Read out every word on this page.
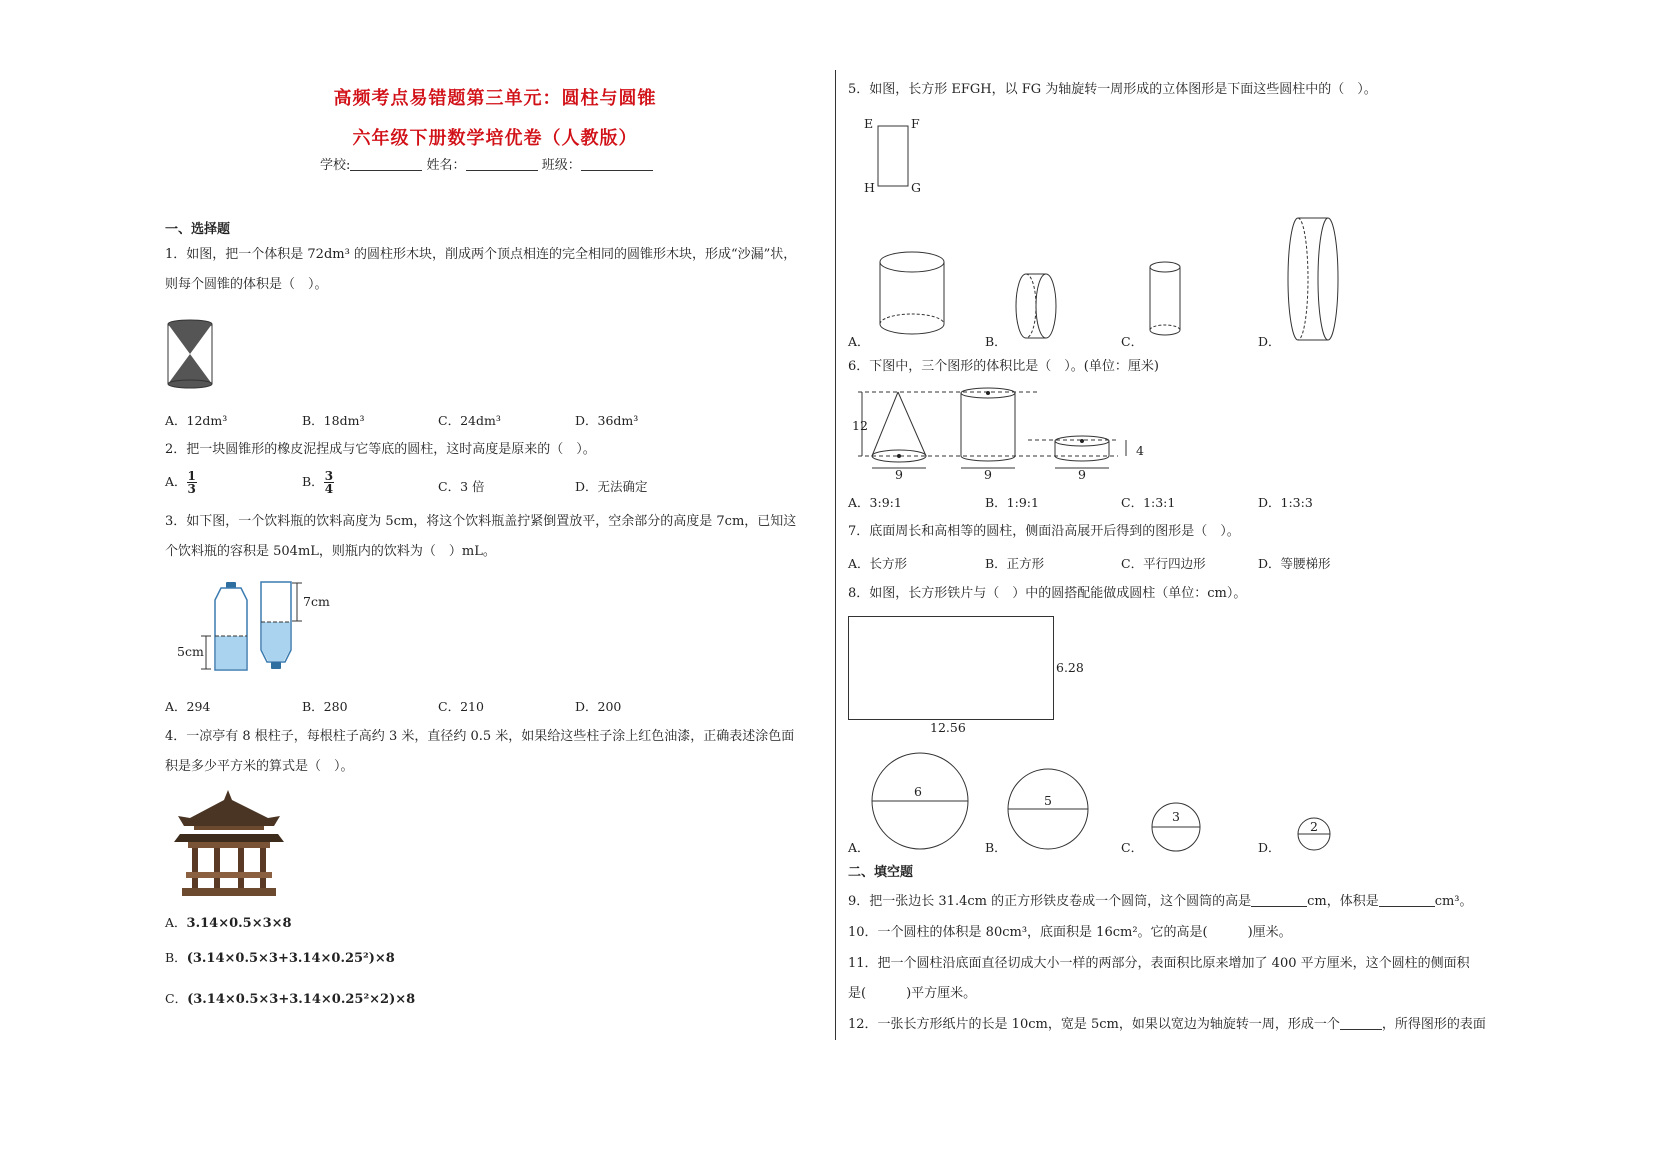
高频考点易错题第三单元：圆柱与圆锥
六年级下册数学培优卷（人教版）
学校:	姓名：	班级：
一、选择题
1．如图，把一个体积是 72dm³ 的圆柱形木块，削成两个顶点相连的完全相同的圆锥形木块，形成“沙漏”状，
则每个圆锥的体积是（　）。
A．12dm³	B．18dm³	C．24dm³	D．36dm³
2．把一块圆锥形的橡皮泥捏成与它等底的圆柱，这时高度是原来的（　）。
A． $\frac{1}{3}$	B． $\frac{3}{4}$	C．3 倍	D．无法确定
3．如下图，一个饮料瓶的饮料高度为 5cm，将这个饮料瓶盖拧紧倒置放平，空余部分的高度是 7cm，已知这
个饮料瓶的容积是 504mL，则瓶内的饮料为（　）mL。
7cm
5cm
A．294	B．280	C．210	D．200
4．一凉亭有 8 根柱子，每根柱子高约 3 米，直径约 0.5 米，如果给这些柱子涂上红色油漆，正确表述涂色面
积是多少平方米的算式是（　）。
A．3.14×0.5×3×8
B．(3.14×0.5×3+3.14×0.25²)×8
C．(3.14×0.5×3+3.14×0.25²×2)×8
5．如图，长方形 EFGH，以 FG 为轴旋转一周形成的立体图形是下面这些圆柱中的（　）。
E	F
H	G
A．	B．	C．	D．
6．下图中，三个图形的体积比是（　）。(单位：厘米)
12
9	9	9
4
A．3:9:1	B．1:9:1	C．1:3:1	D．1:3:3
7．底面周长和高相等的圆柱，侧面沿高展开后得到的图形是（　）。
A．长方形	B．正方形	C．平行四边形	D．等腰梯形
8．如图，长方形铁片与（　）中的圆搭配能做成圆柱（单位：cm）。
6.28
12.56
6
5
3
2
A．	B．	C．	D．
二、填空题
9．把一张边长 31.4cm 的正方形铁皮卷成一个圆筒，这个圆筒的高是	cm，体积是	cm³。
10．一个圆柱的体积是 80cm³，底面积是 16cm²。它的高是(	)厘米。
11．把一个圆柱沿底面直径切成大小一样的两部分，表面积比原来增加了 400 平方厘米，这个圆柱的侧面积
是(	)平方厘米。
12．一张长方形纸片的长是 10cm，宽是 5cm，如果以宽边为轴旋转一周，形成一个	，所得图形的表面
